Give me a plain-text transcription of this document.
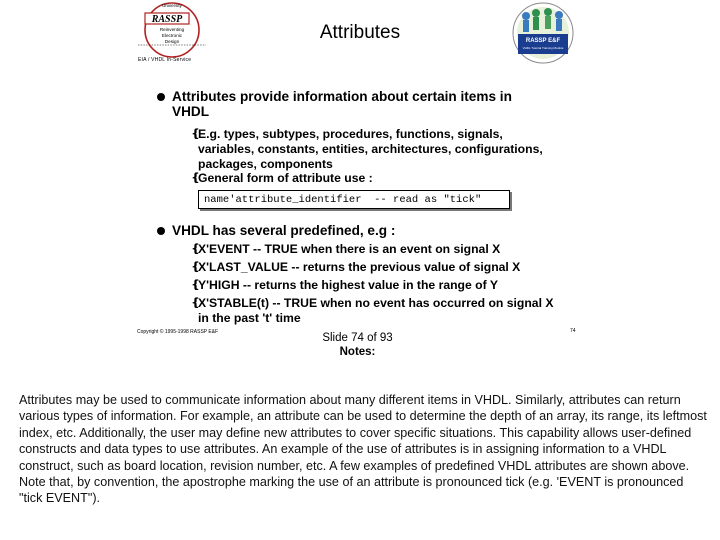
University
RASSP
Reinventing
Electronic
Design
EIA / VHDL In-Service
Attributes	RASSP E&F
VHDL Tutorial Training Module
Attributes provide information about certain items in VHDL
❴
E.g. types, subtypes, procedures, functions, signals, variables, constants, entities, architectures, configurations, packages, components
❴
General form of attribute use :
name'attribute_identifier  -- read as "tick"
VHDL has several predefined, e.g :
❴
X'EVENT -- TRUE when there is an event on signal X
❴
X'LAST_VALUE -- returns the previous value of signal X
❴
Y'HIGH -- returns the highest value in the range of Y
❴
X'STABLE(t) -- TRUE when no event has occurred on signal X in the past 't' time
Copyright © 1995-1998 RASSP E&F	74
Slide 74 of 93
Notes:
Attributes may be used to communicate information about many different items in VHDL. Similarly, attributes can return various types of information. For example, an attribute can be used to determine the depth of an array, its range, its leftmost index, etc. Additionally, the user may define new attributes to cover specific situations. This capability allows user-defined constructs and data types to use attributes. An example of the use of attributes is in assigning information to a VHDL construct, such as board location, revision number, etc. A few examples of predefined VHDL attributes are shown above. Note that, by convention, the apostrophe marking the use of an attribute is pronounced tick (e.g. 'EVENT is pronounced "tick EVENT").
